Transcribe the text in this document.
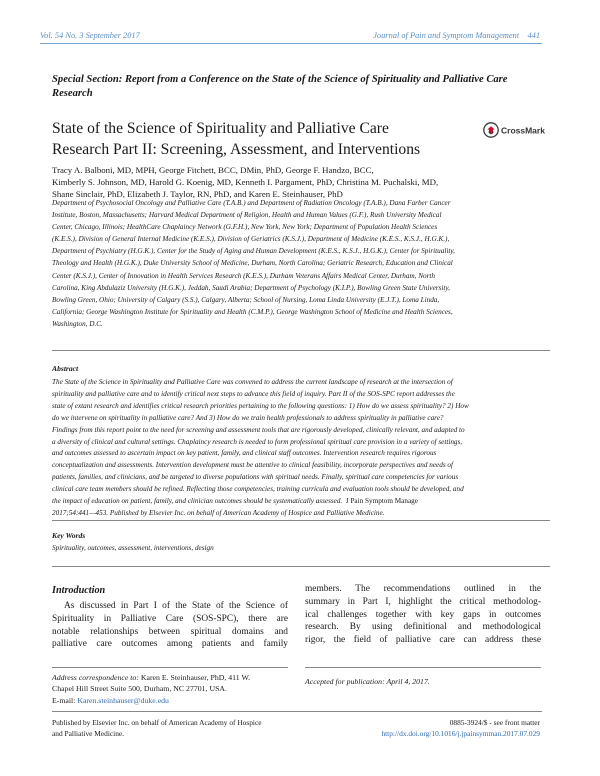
Vol. 54 No. 3 September 2017	Journal of Pain and Symptom Management 441
Special Section: Report from a Conference on the State of the Science of Spirituality and Palliative Care Research
State of the Science of Spirituality and Palliative Care
Research Part II: Screening, Assessment, and Interventions
CrossMark
Tracy A. Balboni, MD, MPH, George Fitchett, BCC, DMin, PhD, George F. Handzo, BCC,
Kimberly S. Johnson, MD, Harold G. Koenig, MD, Kenneth I. Pargament, PhD, Christina M. Puchalski, MD,
Shane Sinclair, PhD, Elizabeth J. Taylor, RN, PhD, and Karen E. Steinhauser, PhD
Department of Psychosocial Oncology and Palliative Care (T.A.B.) and Department of Radiation Oncology (T.A.B.), Dana Farber Cancer
Institute, Boston, Massachusetts; Harvard Medical Department of Religion, Health and Human Values (G.F.), Rush University Medical
Center, Chicago, Illinois; HealthCare Chaplaincy Network (G.F.H.), New York, New York; Department of Population Health Sciences
(K.E.S.), Division of General Internal Medicine (K.E.S.), Division of Geriatrics (K.S.J.), Department of Medicine (K.E.S., K.S.J., H.G.K.),
Department of Psychiatry (H.G.K.), Center for the Study of Aging and Human Development (K.E.S., K.S.J., H.G.K.), Center for Spirituality,
Theology and Health (H.G.K.), Duke University School of Medicine, Durham, North Carolina; Geriatric Research, Education and Clinical
Center (K.S.J.), Center of Innovation in Health Services Research (K.E.S.), Durham Veterans Affairs Medical Center, Durham, North
Carolina, King Abdulaziz University (H.G.K.), Jeddah, Saudi Arabia; Department of Psychology (K.I.P.), Bowling Green State University,
Bowling Green, Ohio; University of Calgary (S.S.), Calgary, Alberta; School of Nursing, Loma Linda University (E.J.T.), Loma Linda,
California; George Washington Institute for Spirituality and Health (C.M.P.), George Washington School of Medicine and Health Sciences,
Washington, D.C.
Abstract
The State of the Science in Spirituality and Palliative Care was convened to address the current landscape of research at the intersection of
spirituality and palliative care and to identify critical next steps to advance this field of inquiry. Part II of the SOS-SPC report addresses the
state of extant research and identifies critical research priorities pertaining to the following questions: 1) How do we assess spirituality? 2) How
do we intervene on spirituality in palliative care? And 3) How do we train health professionals to address spirituality in palliative care?
Findings from this report point to the need for screening and assessment tools that are rigorously developed, clinically relevant, and adapted to
a diversity of clinical and cultural settings. Chaplaincy research is needed to form professional spiritual care provision in a variety of settings,
and outcomes assessed to ascertain impact on key patient, family, and clinical staff outcomes. Intervention research requires rigorous
conceptualization and assessments. Intervention development must be attentive to clinical feasibility, incorporate perspectives and needs of
patients, families, and clinicians, and be targeted to diverse populations with spiritual needs. Finally, spiritual care competencies for various
clinical care team members should be refined. Reflecting those competencies, training curricula and evaluation tools should be developed, and
the impact of education on patient, family, and clinician outcomes should be systematically assessed. J Pain Symptom Manage
2017;54:441—453. Published by Elsevier Inc. on behalf of American Academy of Hospice and Palliative Medicine.
Key Words
Spirituality, outcomes, assessment, interventions, design
Introduction
As discussed in Part I of the State of the Science of
Spirituality in Palliative Care (SOS-SPC), there are
notable relationships between spiritual domains and
palliative care outcomes among patients and family
members. The recommendations outlined in the
summary in Part I, highlight the critical methodolog-
ical challenges together with key gaps in outcomes
research. By using definitional and methodological
rigor, the field of palliative care can address these
Address correspondence to: Karen E. Steinhauser, PhD, 411 W.
Chapel Hill Street Suite 500, Durham, NC 27701, USA.
E-mail: Karen.steinhauser@duke.edu
Accepted for publication: April 4, 2017.
Published by Elsevier Inc. on behalf of American Academy of Hospice
and Palliative Medicine.
0885-3924/$ - see front matter
http://dx.doi.org/10.1016/j.jpainsymman.2017.07.029
